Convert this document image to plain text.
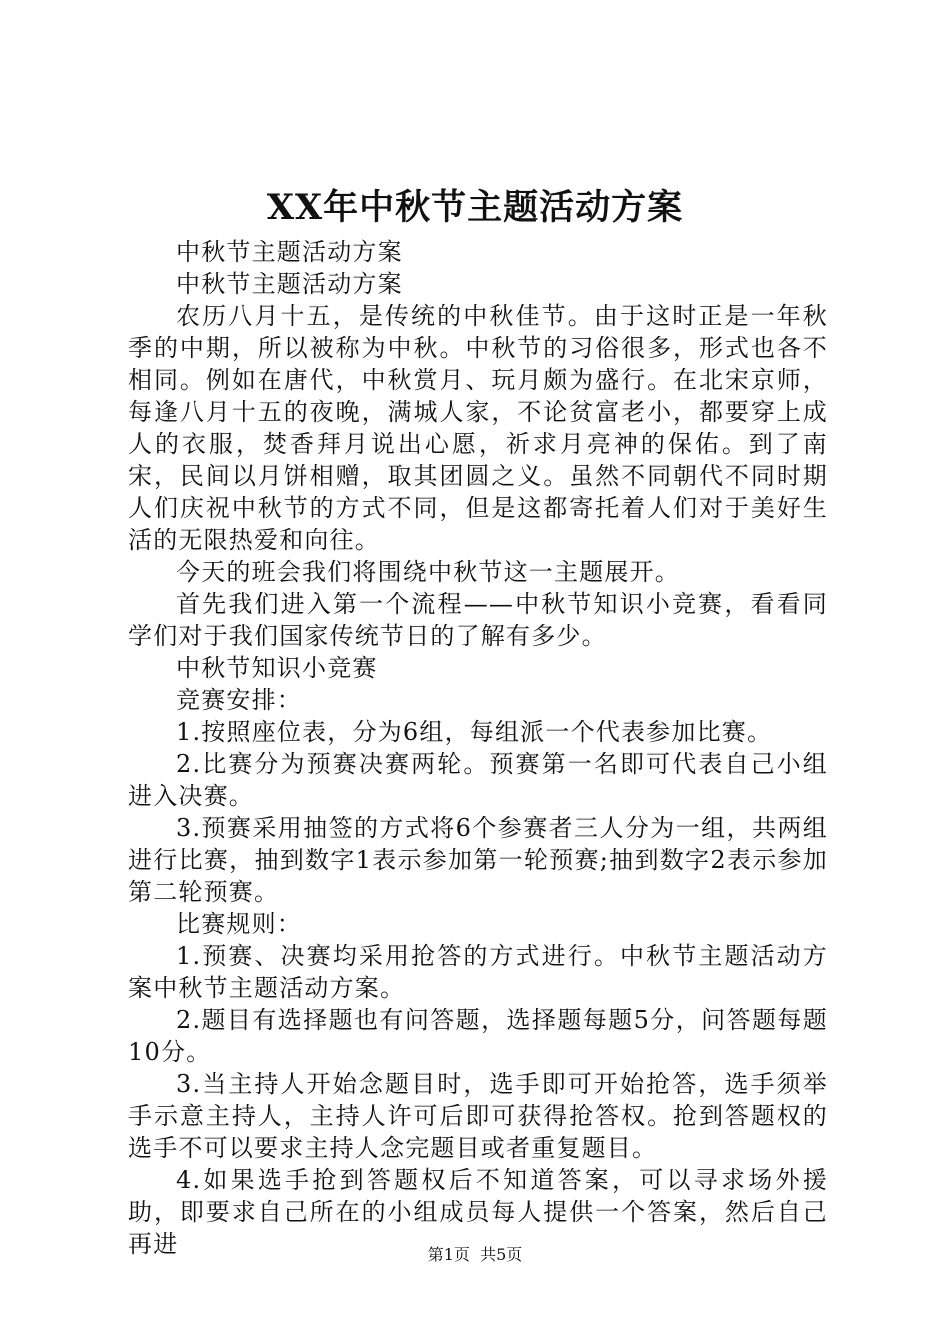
XX年中秋节主题活动方案

中秋节主题活动方案

中秋节主题活动方案

农历八月十五，是传统的中秋佳节。由于这时正是一年秋季的中期，所以被称为中秋。中秋节的习俗很多，形式也各不相同。例如在唐代，中秋赏月、玩月颇为盛行。在北宋京师，每逢八月十五的夜晚，满城人家，不论贫富老小，都要穿上成人的衣服，焚香拜月说出心愿，祈求月亮神的保佑。到了南宋，民间以月饼相赠，取其团圆之义。虽然不同朝代不同时期人们庆祝中秋节的方式不同，但是这都寄托着人们对于美好生活的无限热爱和向往。

今天的班会我们将围绕中秋节这一主题展开。

首先我们进入第一个流程——中秋节知识小竞赛，看看同学们对于我们国家传统节日的了解有多少。

中秋节知识小竞赛

竞赛安排：

1.按照座位表，分为6组，每组派一个代表参加比赛。

2.比赛分为预赛决赛两轮。预赛第一名即可代表自己小组进入决赛。

3.预赛采用抽签的方式将6个参赛者三人分为一组，共两组进行比赛，抽到数字1表示参加第一轮预赛;抽到数字2表示参加第二轮预赛。

比赛规则：

1.预赛、决赛均采用抢答的方式进行。中秋节主题活动方案中秋节主题活动方案。

2.题目有选择题也有问答题，选择题每题5分，问答题每题10分。

3.当主持人开始念题目时，选手即可开始抢答，选手须举手示意主持人，主持人许可后即可获得抢答权。抢到答题权的选手不可以要求主持人念完题目或者重复题目。

4.如果选手抢到答题权后不知道答案，可以寻求场外援助，即要求自己所在的小组成员每人提供一个答案，然后自己再进	第1页 共5页
